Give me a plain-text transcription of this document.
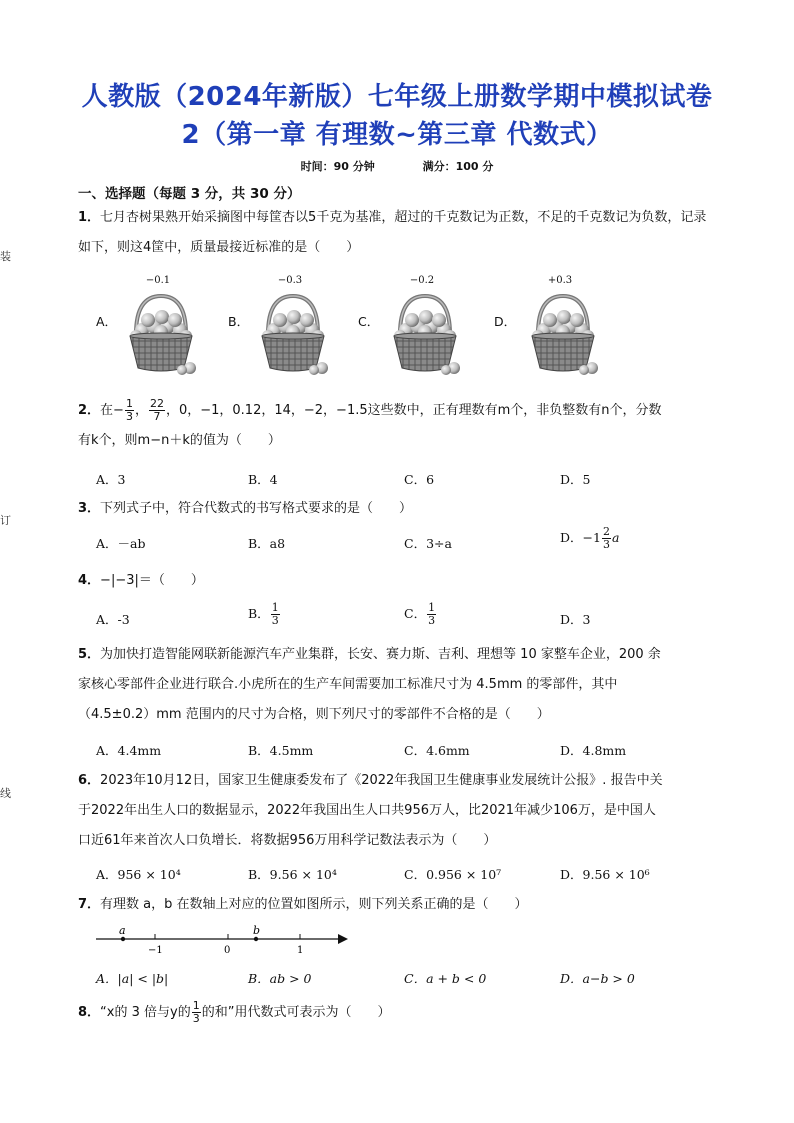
装
订
线
人教版（2024年新版）七年级上册数学期中模拟试卷
2（第一章 有理数~第三章 代数式）
时间：90 分钟	满分：100 分
一、选择题（每题 3 分，共 30 分）
1．七月杏树果熟开始采摘图中每筐杏以5千克为基准，超过的千克数记为正数，不足的千克数记为负数，记录如下，则这4筐中，质量最接近标准的是（　　）
A．
−0.1
B．
−0.3
C．
−0.2
D．
+0.3
2．在− $\frac{1}{3}$ ， $\frac{22}{7}$ ，0，−1，0.12，14，−2，−1.5这些数中，正有理数有m个，非负整数有n个，分数
有k个，则m−n＋k的值为（　　）
A．3	B．4	C．6	D．5
3．下列式子中，符合代数式的书写格式要求的是（　　）
A．－ab	B．a8	C．3÷a	D．$-1 \frac{2}{3}$ a
4．−|−3|＝（　　）
A．-3	B． $\frac{1}{3}$	C． $\frac{1}{3}$	D．3
5．为加快打造智能网联新能源汽车产业集群，长安、赛力斯、吉利、理想等 10 家整车企业，200 余
家核心零部件企业进行联合.小虎所在的生产车间需要加工标准尺寸为 4.5mm 的零部件，其中
（4.5±0.2）mm 范围内的尺寸为合格，则下列尺寸的零部件不合格的是（　　）
A．4.4mm	B．4.5mm	C．4.6mm	D．4.8mm
6．2023年10月12日，国家卫生健康委发布了《2022年我国卫生健康事业发展统计公报》. 报告中关
于2022年出生人口的数据显示，2022年我国出生人口共956万人，比2021年减少106万，是中国人
口近61年来首次人口负增长．将数据956万用科学记数法表示为（　　）
A．956 × 10⁴	B．9.56 × 10⁴	C．0.956 × 10⁷	D．9.56 × 10⁶
7．有理数 a，b 在数轴上对应的位置如图所示，则下列关系正确的是（　　）
a	b
−1	0	1
A．|a| < |b|	B．ab > 0	C．a + b < 0	D．a−b > 0
8．“x的 3 倍与y的 $\frac{1}{3}$ 的和”用代数式可表示为（　　）
